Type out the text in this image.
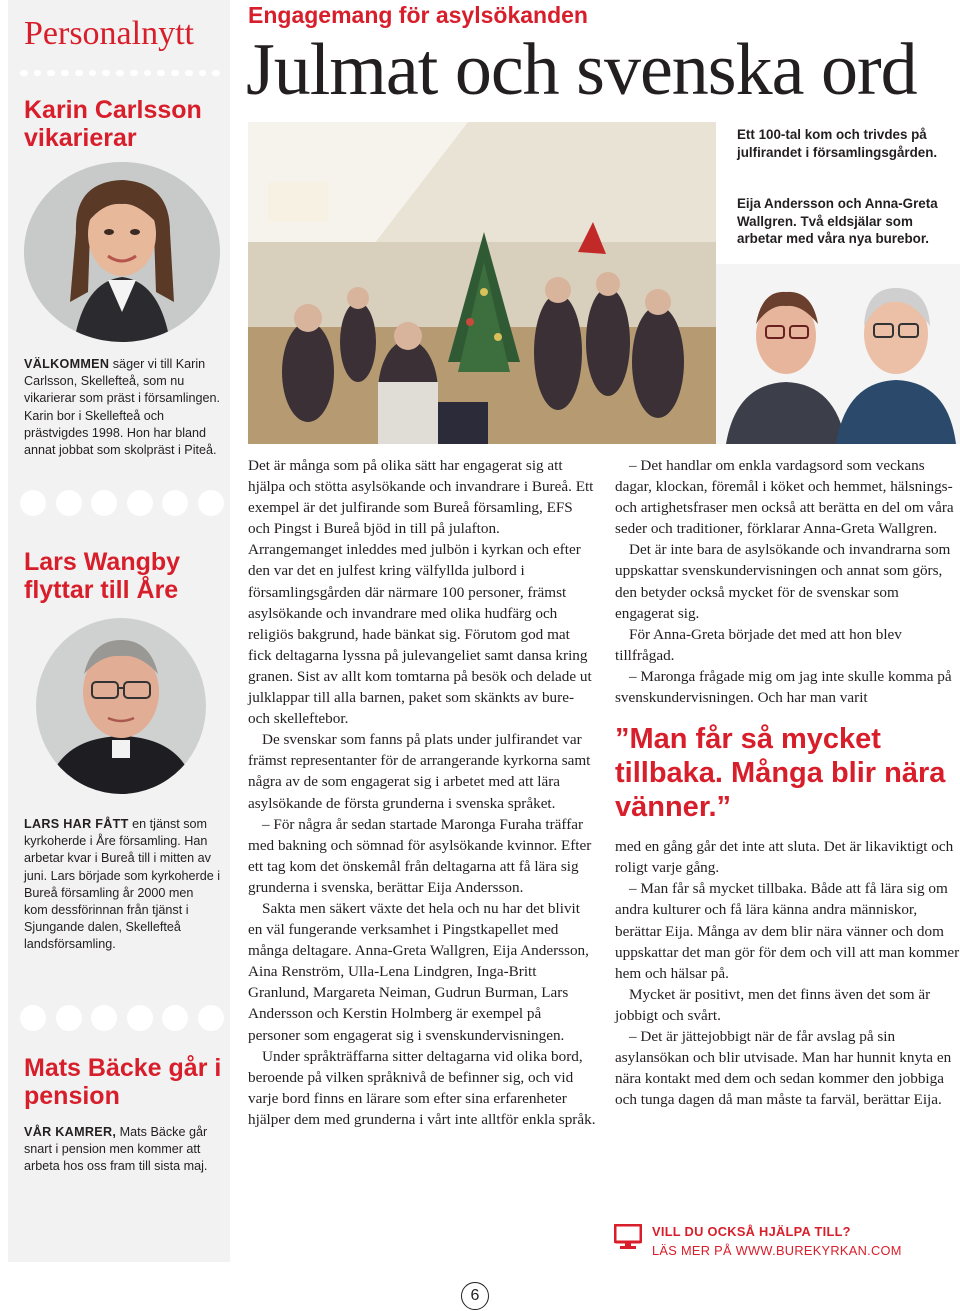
Personalnytt
Karin Carlsson vikarierar
VÄLKOMMEN säger vi till Karin Carlsson, Skellefteå, som nu vikarierar som präst i församlingen. Karin bor i Skellefteå och prästvigdes 1998. Hon har bland annat jobbat som skolpräst i Piteå.
Lars Wangby flyttar till Åre
LARS HAR FÅTT en tjänst som kyrkoherde i Åre församling. Han arbetar kvar i Bureå till i mitten av juni. Lars började som kyrkoherde i Bureå församling år 2000 men kom dessförinnan från tjänst i Sjungande dalen, Skellefteå landsförsamling.
Mats Bäcke går i pension
VÅR KAMRER, Mats Bäcke går snart i pension men kommer att arbeta hos oss fram till sista maj.
Engagemang för asylsökanden
Julmat och svenska ord
Ett 100-tal kom och trivdes på julfirandet i församlingsgården.
Eija Andersson och Anna-Greta Wallgren. Två eldsjälar som arbetar med våra nya burebor.

Det är många som på olika sätt har engagerat sig att hjälpa och stötta asylsökande och invandrare i Bureå. Ett exempel är det julfirande som Bureå församling, EFS och Pingst i Bureå bjöd in till på julafton.

Arrangemanget inleddes med julbön i kyrkan och efter den var det en julfest kring välfyllda julbord i församlingsgården där närmare 100 personer, främst asylsökande och invandrare med olika hudfärg och religiös bakgrund, hade bänkat sig. Förutom god mat fick deltagarna lyssna på julevangeliet samt dansa kring granen. Sist av allt kom tomtarna på besök och delade ut julklappar till alla barnen, paket som skänkts av bure- och skelleftebor.

De svenskar som fanns på plats under julfirandet var främst representanter för de arrangerande kyrkorna samt några av de som engagerat sig i arbetet med att lära asylsökande de första grunderna i svenska språket.

– För några år sedan startade Maronga Furaha träffar med bakning och sömnad för asylsökande kvinnor. Efter ett tag kom det önskemål från deltagarna att få lära sig grunderna i svenska, berättar Eija Andersson.

Sakta men säkert växte det hela och nu har det blivit en väl fungerande verksamhet i Pingstkapellet med många deltagare. Anna-Greta Wallgren, Eija Andersson, Aina Renström, Ulla-Lena Lindgren, Inga-Britt Granlund, Margareta Neiman, Gudrun Burman, Lars Andersson och Kerstin Holmberg är exempel på personer som engagerat sig i svenskundervisningen.

Under språkträffarna sitter deltagarna vid olika bord, beroende på vilken språknivå de befinner sig, och vid varje bord finns en lärare som efter sina erfarenheter hjälper dem med grunderna i vårt inte alltför enkla språk.

– Det handlar om enkla vardagsord som veckans dagar, klockan, föremål i köket och hemmet, hälsnings- och artighetsfraser men också att berätta en del om våra seder och traditioner, förklarar Anna-Greta Wallgren.

Det är inte bara de asylsökande och invandrarna som uppskattar svenskundervisningen och annat som görs, den betyder också mycket för de svenskar som engagerat sig.

För Anna-Greta började det med att hon blev tillfrågad.

– Maronga frågade mig om jag inte skulle komma på svenskundervisningen. Och har man varit

”Man får så mycket tillbaka. Många blir nära vänner.”

med en gång går det inte att sluta. Det är likaviktigt och roligt varje gång.

– Man får så mycket tillbaka. Både att få lära sig om andra kulturer och få lära känna andra människor, berättar Eija. Många av dem blir nära vänner och dom uppskattar det man gör för dem och vill att man kommer hem och hälsar på.

Mycket är positivt, men det finns även det som är jobbigt och svårt.

– Det är jättejobbigt när de får avslag på sin asylansökan och blir utvisade. Man har hunnit knyta en nära kontakt med dem och sedan kommer den jobbiga och tunga dagen då man måste ta farväl, berättar Eija.

VILL DU OCKSÅ HJÄLPA TILL?
LÄS MER PÅ WWW.BUREKYRKAN.COM
6
